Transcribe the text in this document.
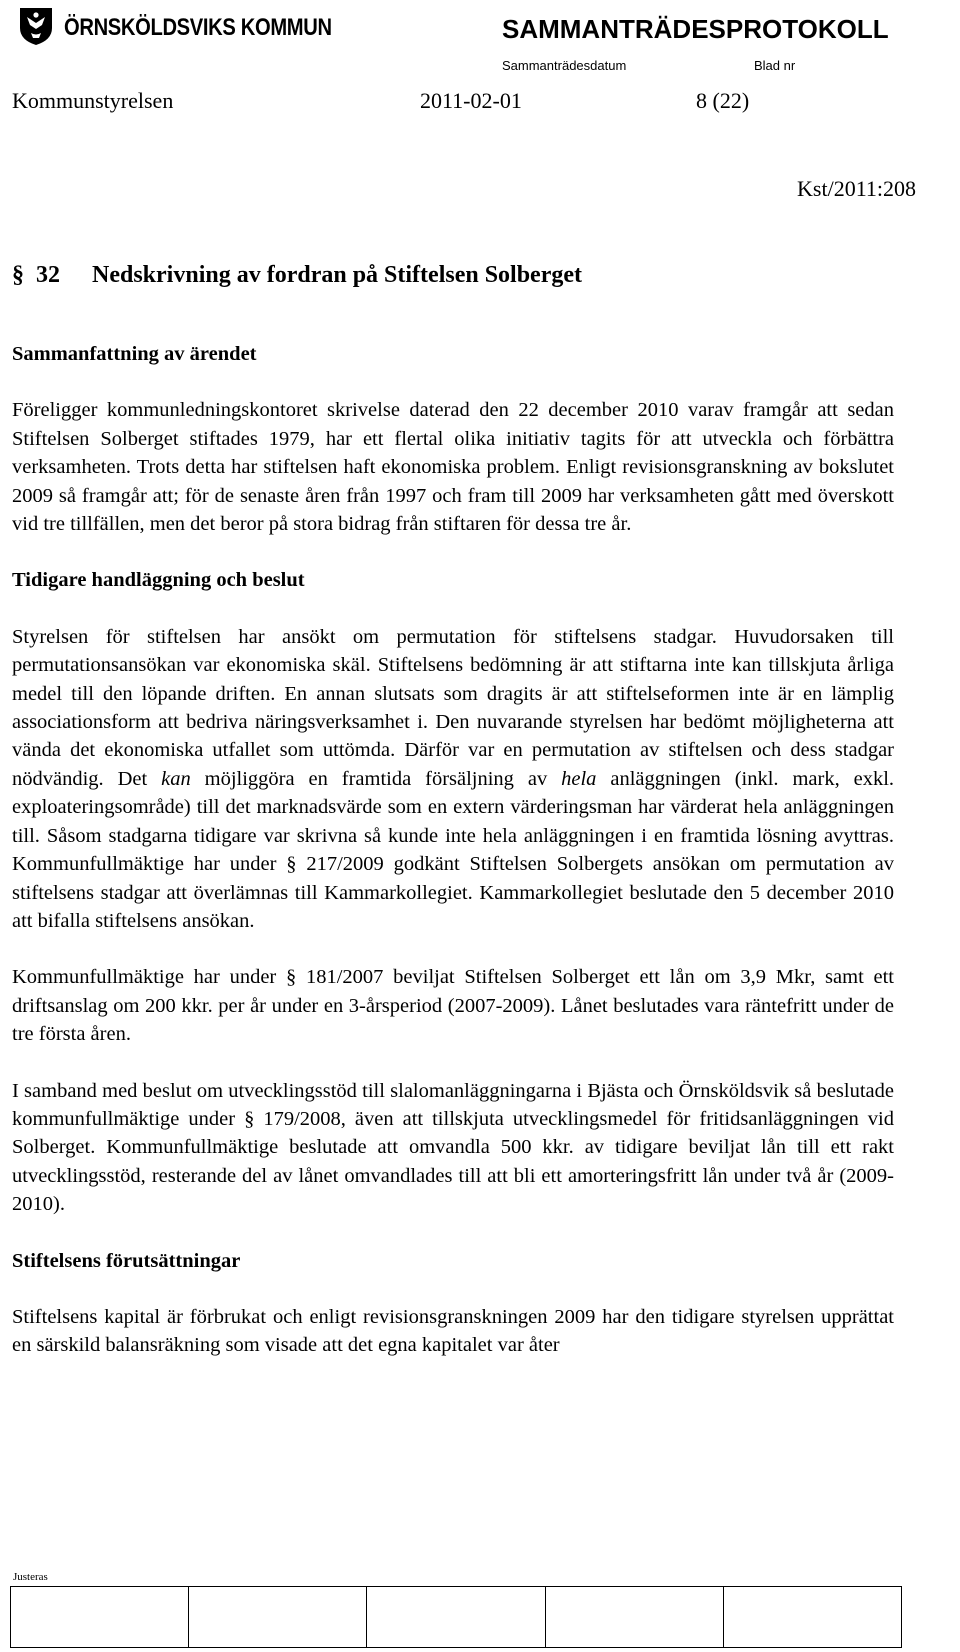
ÖRNSKÖLDSVIKS KOMMUN	SAMMANTRÄDESPROTOKOLL
Sammanträdesdatum	Blad nr
Kommunstyrelsen	2011-02-01	8 (22)
Kst/2011:208
§ 32 Nedskrivning av fordran på Stiftelsen Solberget
Sammanfattning av ärendet

Föreligger kommunledningskontoret skrivelse daterad den 22 december 2010 varav framgår att sedan Stiftelsen Solberget stiftades 1979, har ett flertal olika initiativ tagits för att utveckla och förbättra verksamheten. Trots detta har stiftelsen haft ekonomiska problem. Enligt revisionsgranskning av bokslutet 2009 så framgår att; för de senaste åren från 1997 och fram till 2009 har verksamheten gått med överskott vid tre tillfällen, men det beror på stora bidrag från stiftaren för dessa tre år.

Tidigare handläggning och beslut

Styrelsen för stiftelsen har ansökt om permutation för stiftelsens stadgar. Huvudorsaken till permutationsansökan var ekonomiska skäl. Stiftelsens bedömning är att stiftarna inte kan tillskjuta årliga medel till den löpande driften. En annan slutsats som dragits är att stiftelseformen inte är en lämplig associationsform att bedriva näringsverksamhet i. Den nuvarande styrelsen har bedömt möjligheterna att vända det ekonomiska utfallet som uttömda. Därför var en permutation av stiftelsen och dess stadgar nödvändig. Det kan möjliggöra en framtida försäljning av hela anläggningen (inkl. mark, exkl. exploateringsområde) till det marknadsvärde som en extern värderingsman har värderat hela anläggningen till. Såsom stadgarna tidigare var skrivna så kunde inte hela anläggningen i en framtida lösning avyttras. Kommunfullmäktige har under § 217/2009 godkänt Stiftelsen Solbergets ansökan om permutation av stiftelsens stadgar att överlämnas till Kammarkollegiet. Kammarkollegiet beslutade den 5 december 2010 att bifalla stiftelsens ansökan.

Kommunfullmäktige har under § 181/2007 beviljat Stiftelsen Solberget ett lån om 3,9 Mkr, samt ett driftsanslag om 200 kkr. per år under en 3-årsperiod (2007-2009). Lånet beslutades vara räntefritt under de tre första åren.

I samband med beslut om utvecklingsstöd till slalomanläggningarna i Bjästa och Örnsköldsvik så beslutade kommunfullmäktige under § 179/2008, även att tillskjuta utvecklingsmedel för fritidsanläggningen vid Solberget. Kommunfullmäktige beslutade att omvandla 500 kkr. av tidigare beviljat lån till ett rakt utvecklingsstöd, resterande del av lånet omvandlades till att bli ett amorteringsfritt lån under två år (2009-2010).

Stiftelsens förutsättningar

Stiftelsens kapital är förbrukat och enligt revisionsgranskningen 2009 har den tidigare styrelsen upprättat en särskild balansräkning som visade att det egna kapitalet var åter

Justeras
